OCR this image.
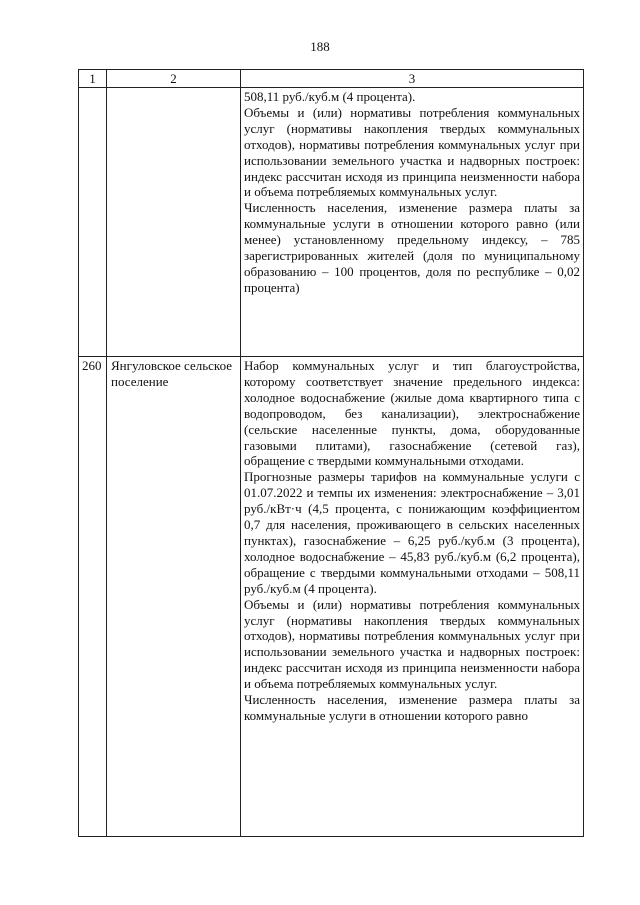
188
1	2	3

		508,11 руб./куб.м (4 процента).

Объемы и (или) нормативы потребления коммунальных услуг (нормативы накопления твердых коммунальных отходов), нормативы потребления коммунальных услуг при использовании земельного участка и надворных построек: индекс рассчитан исходя из принципа неизменности набора и объема потребляемых коммунальных услуг.

Численность населения, изменение размера платы за коммунальные услуги в отношении которого равно (или менее) установленному предельному индексу, – 785 зарегистрированных жителей (доля по муниципальному образованию – 100 процентов, доля по республике – 0,02 процента)

260	Янгуловское сельское поселение	Набор коммунальных услуг и тип благоустройства, которому соответствует значение предельного индекса: холодное водоснабжение (жилые дома квартирного типа с водопроводом, без канализации), электроснабжение (сельские населенные пункты, дома, оборудованные газовыми плитами), газоснабжение (сетевой газ), обращение с твердыми коммунальными отходами.

Прогнозные размеры тарифов на коммунальные услуги с 01.07.2022 и темпы их изменения: электроснабжение – 3,01 руб./кВт·ч (4,5 процента, с понижающим коэффициентом 0,7 для населения, проживающего в сельских населенных пунктах), газоснабжение – 6,25 руб./куб.м (3 процента), холодное водоснабжение – 45,83 руб./куб.м (6,2 процента), обращение с твердыми коммунальными отходами – 508,11 руб./куб.м (4 процента).

Объемы и (или) нормативы потребления коммунальных услуг (нормативы накопления твердых коммунальных отходов), нормативы потребления коммунальных услуг при использовании земельного участка и надворных построек: индекс рассчитан исходя из принципа неизменности набора и объема потребляемых коммунальных услуг.

Численность населения, изменение размера платы за коммунальные услуги в отношении которого равно
